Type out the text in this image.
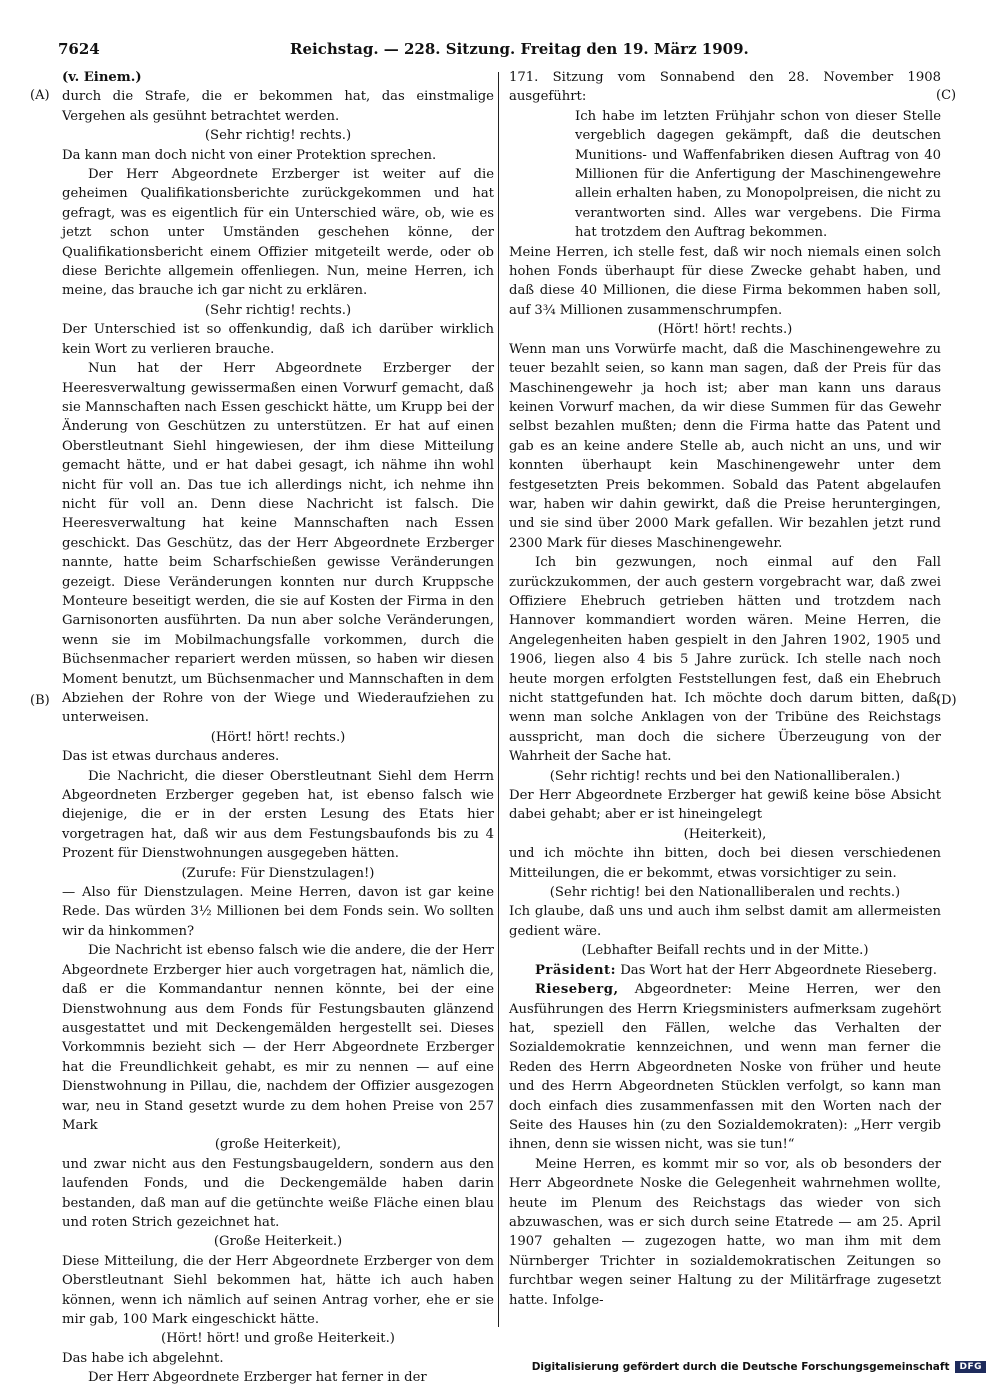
7624	Reichstag. — 228. Sitzung. Freitag den 19. März 1909.
(A)
(B)
(C)
(D)

(v. Einem.)

durch die Strafe, die er bekommen hat, das einstmalige Vergehen als gesühnt betrachtet werden.

(Sehr richtig! rechts.)

Da kann man doch nicht von einer Protektion sprechen.

Der Herr Abgeordnete Erzberger ist weiter auf die geheimen Qualifikationsberichte zurückgekommen und hat gefragt, was es eigentlich für ein Unterschied wäre, ob, wie es jetzt schon unter Umständen geschehen könne, der Qualifikationsbericht einem Offizier mitgeteilt werde, oder ob diese Berichte allgemein offenliegen. Nun, meine Herren, ich meine, das brauche ich gar nicht zu erklären.

(Sehr richtig! rechts.)

Der Unterschied ist so offenkundig, daß ich darüber wirklich kein Wort zu verlieren brauche.

Nun hat der Herr Abgeordnete Erzberger der Heeresverwaltung gewissermaßen einen Vorwurf gemacht, daß sie Mannschaften nach Essen geschickt hätte, um Krupp bei der Änderung von Geschützen zu unterstützen. Er hat auf einen Oberstleutnant Siehl hingewiesen, der ihm diese Mitteilung gemacht hätte, und er hat dabei gesagt, ich nähme ihn wohl nicht für voll an. Das tue ich allerdings nicht, ich nehme ihn nicht für voll an. Denn diese Nachricht ist falsch. Die Heeresverwaltung hat keine Mannschaften nach Essen geschickt. Das Geschütz, das der Herr Abgeordnete Erzberger nannte, hatte beim Scharfschießen gewisse Veränderungen gezeigt. Diese Veränderungen konnten nur durch Kruppsche Monteure beseitigt werden, die sie auf Kosten der Firma in den Garnisonorten ausführten. Da nun aber solche Veränderungen, wenn sie im Mobilmachungsfalle vorkommen, durch die Büchsenmacher repariert werden müssen, so haben wir diesen Moment benutzt, um Büchsenmacher und Mannschaften in dem Abziehen der Rohre von der Wiege und Wiederaufziehen zu unterweisen.

(Hört! hört! rechts.)

Das ist etwas durchaus anderes.

Die Nachricht, die dieser Oberstleutnant Siehl dem Herrn Abgeordneten Erzberger gegeben hat, ist ebenso falsch wie diejenige, die er in der ersten Lesung des Etats hier vorgetragen hat, daß wir aus dem Festungsbaufonds bis zu 4 Prozent für Dienstwohnungen ausgegeben hätten.

(Zurufe: Für Dienstzulagen!)

— Also für Dienstzulagen. Meine Herren, davon ist gar keine Rede. Das würden 3½ Millionen bei dem Fonds sein. Wo sollten wir da hinkommen?

Die Nachricht ist ebenso falsch wie die andere, die der Herr Abgeordnete Erzberger hier auch vorgetragen hat, nämlich die, daß er die Kommandantur nennen könnte, bei der eine Dienstwohnung aus dem Fonds für Festungsbauten glänzend ausgestattet und mit Deckengemälden hergestellt sei. Dieses Vorkommnis bezieht sich — der Herr Abgeordnete Erzberger hat die Freundlichkeit gehabt, es mir zu nennen — auf eine Dienstwohnung in Pillau, die, nachdem der Offizier ausgezogen war, neu in Stand gesetzt wurde zu dem hohen Preise von 257 Mark

(große Heiterkeit),

und zwar nicht aus den Festungsbaugeldern, sondern aus den laufenden Fonds, und die Deckengemälde haben darin bestanden, daß man auf die getünchte weiße Fläche einen blau und roten Strich gezeichnet hat.

(Große Heiterkeit.)

Diese Mitteilung, die der Herr Abgeordnete Erzberger von dem Oberstleutnant Siehl bekommen hat, hätte ich auch haben können, wenn ich nämlich auf seinen Antrag vorher, ehe er sie mir gab, 100 Mark eingeschickt hätte.

(Hört! hört! und große Heiterkeit.)

Das habe ich abgelehnt.

Der Herr Abgeordnete Erzberger hat ferner in der

171. Sitzung vom Sonnabend den 28. November 1908 ausgeführt:

Ich habe im letzten Frühjahr schon von dieser Stelle vergeblich dagegen gekämpft, daß die deutschen Munitions- und Waffenfabriken diesen Auftrag von 40 Millionen für die Anfertigung der Maschinengewehre allein erhalten haben, zu Monopolpreisen, die nicht zu verantworten sind. Alles war vergebens. Die Firma hat trotzdem den Auftrag bekommen.

Meine Herren, ich stelle fest, daß wir noch niemals einen solch hohen Fonds überhaupt für diese Zwecke gehabt haben, und daß diese 40 Millionen, die diese Firma bekommen haben soll, auf 3¾ Millionen zusammenschrumpfen.

(Hört! hört! rechts.)

Wenn man uns Vorwürfe macht, daß die Maschinengewehre zu teuer bezahlt seien, so kann man sagen, daß der Preis für das Maschinengewehr ja hoch ist; aber man kann uns daraus keinen Vorwurf machen, da wir diese Summen für das Gewehr selbst bezahlen mußten; denn die Firma hatte das Patent und gab es an keine andere Stelle ab, auch nicht an uns, und wir konnten überhaupt kein Maschinengewehr unter dem festgesetzten Preis bekommen. Sobald das Patent abgelaufen war, haben wir dahin gewirkt, daß die Preise heruntergingen, und sie sind über 2000 Mark gefallen. Wir bezahlen jetzt rund 2300 Mark für dieses Maschinengewehr.

Ich bin gezwungen, noch einmal auf den Fall zurückzukommen, der auch gestern vorgebracht war, daß zwei Offiziere Ehebruch getrieben hätten und trotzdem nach Hannover kommandiert worden wären. Meine Herren, die Angelegenheiten haben gespielt in den Jahren 1902, 1905 und 1906, liegen also 4 bis 5 Jahre zurück. Ich stelle nach noch heute morgen erfolgten Feststellungen fest, daß ein Ehebruch nicht stattgefunden hat. Ich möchte doch darum bitten, daß, wenn man solche Anklagen von der Tribüne des Reichstags ausspricht, man doch die sichere Überzeugung von der Wahrheit der Sache hat.

(Sehr richtig! rechts und bei den Nationalliberalen.)

Der Herr Abgeordnete Erzberger hat gewiß keine böse Absicht dabei gehabt; aber er ist hineingelegt

(Heiterkeit),

und ich möchte ihn bitten, doch bei diesen verschiedenen Mitteilungen, die er bekommt, etwas vorsichtiger zu sein.

(Sehr richtig! bei den Nationalliberalen und rechts.)

Ich glaube, daß uns und auch ihm selbst damit am allermeisten gedient wäre.

(Lebhafter Beifall rechts und in der Mitte.)

Präsident: Das Wort hat der Herr Abgeordnete Rieseberg.

Rieseberg, Abgeordneter: Meine Herren, wer den Ausführungen des Herrn Kriegsministers aufmerksam zugehört hat, speziell den Fällen, welche das Verhalten der Sozialdemokratie kennzeichnen, und wenn man ferner die Reden des Herrn Abgeordneten Noske von früher und heute und des Herrn Abgeordneten Stücklen verfolgt, so kann man doch einfach dies zusammenfassen mit den Worten nach der Seite des Hauses hin (zu den Sozialdemokraten): „Herr vergib ihnen, denn sie wissen nicht, was sie tun!“

Meine Herren, es kommt mir so vor, als ob besonders der Herr Abgeordnete Noske die Gelegenheit wahrnehmen wollte, heute im Plenum des Reichstags das wieder von sich abzuwaschen, was er sich durch seine Etatrede — am 25. April 1907 gehalten — zugezogen hatte, wo man ihm mit dem Nürnberger Trichter in sozialdemokratischen Zeitungen so furchtbar wegen seiner Haltung zu der Militärfrage zugesetzt hatte. Infolge-

Digitalisierung gefördert durch die Deutsche Forschungsgemeinschaft	DFG
